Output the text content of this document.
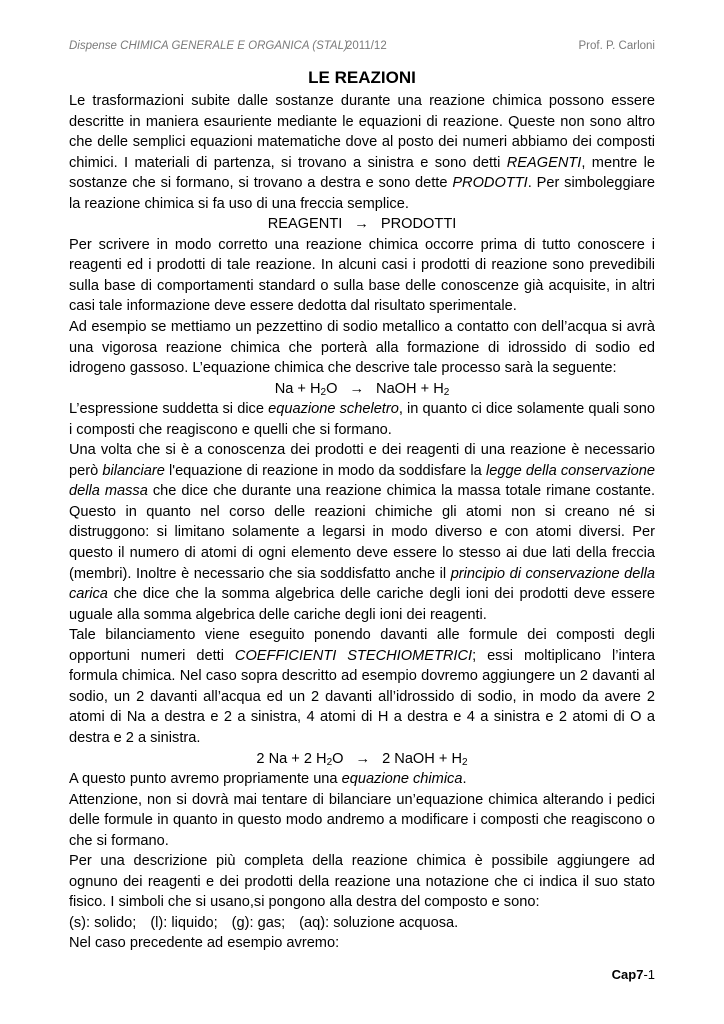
Dispense CHIMICA GENERALE E ORGANICA (STAL)
2011/12	Prof. P. Carloni
LE REAZIONI

Le trasformazioni subite dalle sostanze durante una reazione chimica possono essere descritte in maniera esauriente mediante le equazioni di reazione. Queste non sono altro che delle semplici equazioni matematiche dove al posto dei numeri abbiamo dei composti chimici. I materiali di partenza, si trovano a sinistra e sono detti REAGENTI, mentre le sostanze che si formano, si trovano a destra e sono dette PRODOTTI. Per simboleggiare la reazione chimica si fa uso di una freccia semplice.

REAGENTI → PRODOTTI

Per scrivere in modo corretto una reazione chimica occorre prima di tutto conoscere i reagenti ed i prodotti di tale reazione. In alcuni casi i prodotti di reazione sono prevedibili sulla base di comportamenti standard o sulla base delle conoscenze già acquisite, in altri casi tale informazione deve essere dedotta dal risultato sperimentale.

Ad esempio se mettiamo un pezzettino di sodio metallico a contatto con dell’acqua si avrà una vigorosa reazione chimica che porterà alla formazione di idrossido di sodio ed idrogeno gassoso. L’equazione chimica che descrive tale processo sarà la seguente:

$Na + H_2O$ → NaOH + $H_2$

L’espressione suddetta si dice equazione scheletro, in quanto ci dice solamente quali sono i composti che reagiscono e quelli che si formano.

Una volta che si è a conoscenza dei prodotti e dei reagenti di una reazione è necessario però bilanciare l'equazione di reazione in modo da soddisfare la legge della conservazione della massa che dice che durante una reazione chimica la massa totale rimane costante. Questo in quanto nel corso delle reazioni chimiche gli atomi non si creano né si distruggono: si limitano solamente a legarsi in modo diverso e con atomi diversi. Per questo il numero di atomi di ogni elemento deve essere lo stesso ai due lati della freccia (membri). Inoltre è necessario che sia soddisfatto anche il principio di conservazione della carica che dice che la somma algebrica delle cariche degli ioni dei prodotti deve essere uguale alla somma algebrica delle cariche degli ioni dei reagenti.

Tale bilanciamento viene eseguito ponendo davanti alle formule dei composti degli opportuni numeri detti COEFFICIENTI STECHIOMETRICI; essi moltiplicano l’intera formula chimica. Nel caso sopra descritto ad esempio dovremo aggiungere un 2 davanti al sodio, un 2 davanti all’acqua ed un 2 davanti all’idrossido di sodio, in modo da avere 2 atomi di Na a destra e 2 a sinistra, 4 atomi di H a destra e 4 a sinistra e 2 atomi di O a destra e 2 a sinistra.

2 Na + 2 $H_2O \to 2$ NaOH + $H_2$

A questo punto avremo propriamente una equazione chimica.

Attenzione, non si dovrà mai tentare di bilanciare un’equazione chimica alterando i pedici delle formule in quanto in questo modo andremo a modificare i composti che reagiscono o che si formano.

Per una descrizione più completa della reazione chimica è possibile aggiungere ad ognuno dei reagenti e dei prodotti della reazione una notazione che ci indica il suo stato fisico. I simboli che si usano,si pongono alla destra del composto e sono:

(s): solido; (l): liquido; (g): gas; (aq): soluzione acquosa.

Nel caso precedente ad esempio avremo:

Cap7-1
